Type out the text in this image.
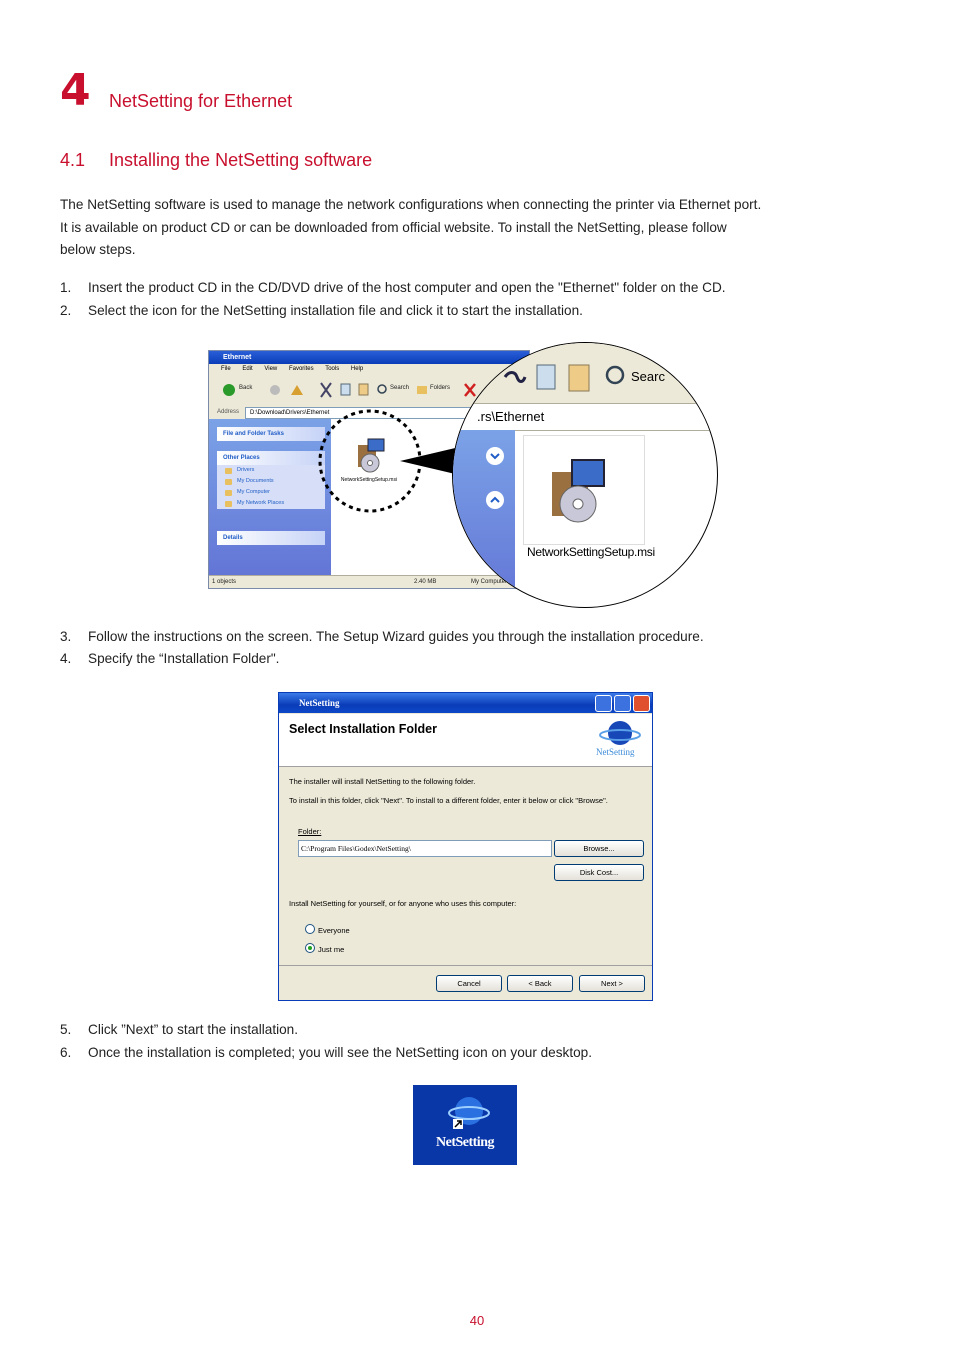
4 NetSetting for Ethernet
4.1 Installing the NetSetting software
The NetSetting software is used to manage the network configurations when connecting the printer via Ethernet port.
It is available on product CD or can be downloaded from official website. To install the NetSetting, please follow
below steps.
1. Insert the product CD in the CD/DVD drive of the host computer and open the "Ethernet" folder on the CD.
2. Select the icon for the NetSetting installation file and click it to start the installation.
Ethernet
File Edit View Favorites Tools Help
Back	Search	Folders
Address	D:\Download\Drivers\Ethernet
File and Folder Tasks
Other Places
Drivers
My Documents
My Computer
My Network Places
Details
NetworkSettingSetup.msi
1 objects	2.40 MB
Searc
.rs\Ethernet
NetworkSettingSetup.msi
3. Follow the instructions on the screen. The Setup Wizard guides you through the installation procedure.
4. Specify the “Installation Folder".
NetSetting
Select Installation Folder
NetSetting
The installer will install NetSetting to the following folder.
To install in this folder, click "Next". To install to a different folder, enter it below or click "Browse".
Folder:
C:\Program Files\Godex\NetSetting\	Browse...
Disk Cost...
Install NetSetting for yourself, or for anyone who uses this computer:
Everyone
Just me
Cancel	< Back	Next >
5. Click ”Next” to start the installation.
6. Once the installation is completed; you will see the NetSetting icon on your desktop.
NetSetting
40
